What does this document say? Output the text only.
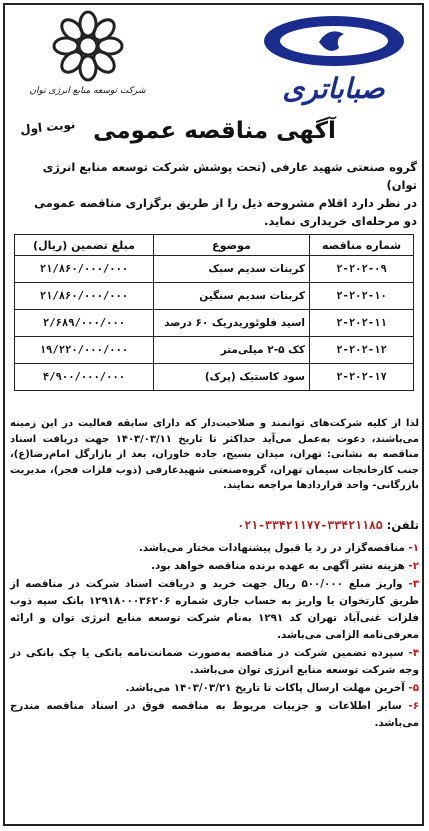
شرکت توسعه منابع انرژی توان	صباباتری
نوبت اول آگهی مناقصه عمومی
گروه صنعتی شهید عارفی (تحت پوشش شرکت توسعه منابع انرژی توان)
در نظر دارد اقلام مشروحه ذیل را از طریق برگزاری مناقصه عمومی
دو مرحله‌ای خریداری نماید.
شماره مناقصه	موضوع	مبلغ تضمین (ریال)
۲-۲۰۲-۰۹	کربنات سدیم سبک	۲۱/۸۶۰/۰۰۰/۰۰۰
۲-۲۰۲-۱۰	کربنات سدیم سنگین	۲۱/۸۶۰/۰۰۰/۰۰۰
۲-۲۰۲-۱۱	اسید فلوئوریدریک ۶۰ درصد	۲/۶۸۹/۰۰۰/۰۰۰
۲-۲۰۲-۱۲	کک ۵-۲ میلی‌متر	۱۹/۲۲۰/۰۰۰/۰۰۰
۲-۲۰۲-۱۷	سود کاستیک (پرک)	۴/۹۰۰/۰۰۰/۰۰۰
لذا از کلیه شرکت‌های توانمند و صلاحیت‌دار که دارای سابقه فعالیت در این زمینه می‌باشند، دعوت به‌عمل می‌آید حداکثر تا تاریخ ۱۴۰۳/۰۳/۱۱ جهت دریافت اسناد مناقصه به نشانی: تهران، میدان بسیج، جاده خاوران، بعد از بازارگل امام‌رضا(ع)، جنب کارخانجات سیمان تهران، گروه‌صنعتی شهید‌عارفی (ذوب فلزات فجر)، مدیریت بازرگانی- واحد قراردادها مراجعه نمایند.
تلفن: ۳۳۴۲۱۱۸۵-۳۳۴۲۱۱۷۷-۰۲۱
۱- مناقصه‌گزار در رد یا قبول پیشنهادات مختار می‌باشد.
۲- هزینه نشر آگهی به عهده برنده مناقصه خواهد بود.
۳- واریز مبلغ ۵۰۰/۰۰۰ ریال جهت خرید و دریافت اسناد شرکت در مناقصه از طریق کارتخوان یا واریز به حساب جاری شماره ۱۲۹۱۸۰۰۰۳۶۲۰۶ بانک سپه ذوب فلزات غنی‌آباد تهران کد ۱۲۹۱ به‌نام شرکت توسعه منابع انرژی توان و ارائه معرفی‌نامه الزامی می‌باشد.
۴- سپرده تضمین شرکت در مناقصه به‌صورت ضمانت‌نامه بانکی یا چک بانکی در وجه شرکت توسعه منابع انرژی توان می‌باشد.
۵- آخرین مهلت ارسال پاکات تا تاریخ ۱۴۰۳/۰۳/۲۱ می‌باشد.
۶- سایر اطلاعات و جزییات مربوط به مناقصه فوق در اسناد مناقصه مندرج می‌باشد.
